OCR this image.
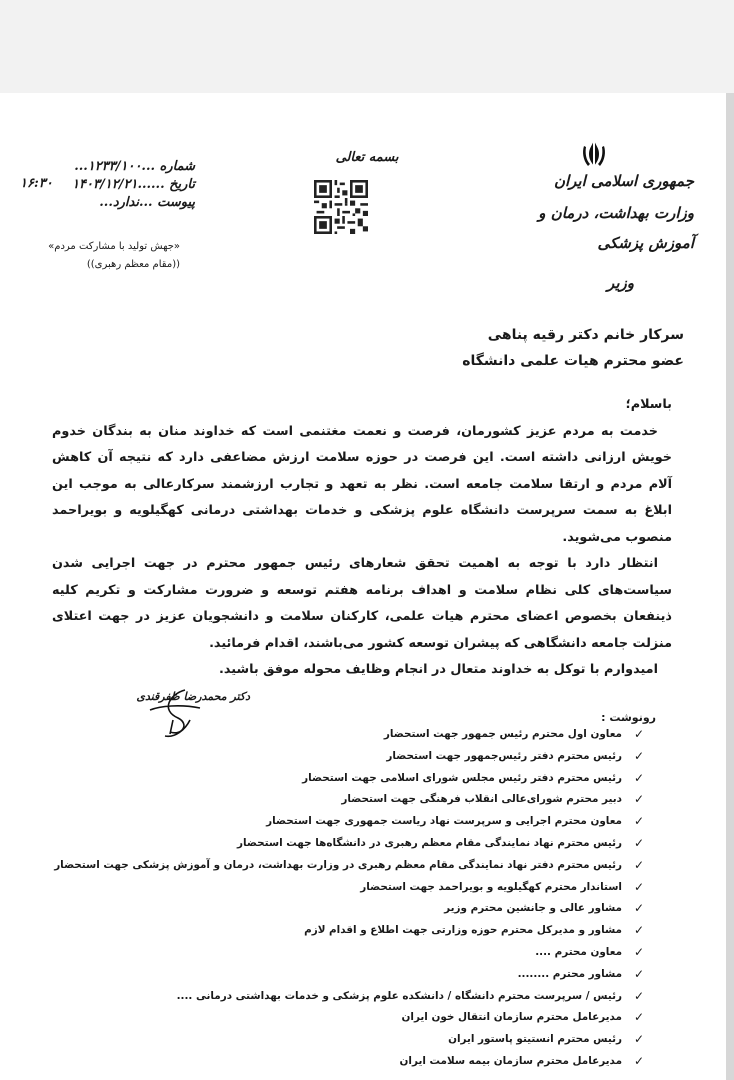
جمهوری اسلامی ایران
وزارت بهداشت، درمان و آموزش پزشکی
وزیر
بسمه تعالی
شماره ...۱۲۳۳/۱۰۰...
تاریخ ......۱۴۰۳/۱۲/۲۱
پیوست ...ندارد...
۱۶:۳۰
«جهش تولید با مشارکت مردم»
((مقام معظم رهبری))
سرکار خانم دکتر رقیه پناهی
عضو محترم هیات علمی دانشگاه

باسلام؛

خدمت به مردم عزیز کشورمان، فرصت و نعمت مغتنمی است که خداوند منان به بندگان خدوم خویش ارزانی داشته است. این فرصت در حوزه سلامت ارزش مضاعفی دارد که نتیجه آن کاهش آلام مردم و ارتقا سلامت جامعه است. نظر به تعهد و تجارب ارزشمند سرکارعالی به موجب این ابلاغ به سمت سرپرست دانشگاه علوم پزشکی و خدمات بهداشتی درمانی کهگیلویه و بویراحمد منصوب می‌شوید.

انتظار دارد با توجه به اهمیت تحقق شعارهای رئیس جمهور محترم در جهت اجرایی شدن سیاست‌های کلی نظام سلامت و اهداف برنامه هفتم توسعه و ضرورت مشارکت و تکریم کلیه ذینفعان بخصوص اعضای محترم هیات علمی، کارکنان سلامت و دانشجویان عزیز در جهت اعتلای منزلت جامعه دانشگاهی که پیشران توسعه کشور می‌باشند، اقدام فرمائید.

امیدوارم با توکل به خداوند متعال در انجام وظایف محوله موفق باشید.

دکتر محمدرضا ظفرقندی
رونوشت :
✓
معاون اول محترم رئیس جمهور جهت استحضار
✓
رئیس محترم دفتر رئیس‌جمهور جهت استحضار
✓
رئیس محترم دفتر رئیس مجلس شورای اسلامی جهت استحضار
✓
دبیر محترم شورای‌عالی انقلاب فرهنگی جهت استحضار
✓
معاون محترم اجرایی و سرپرست نهاد ریاست جمهوری جهت استحضار
✓
رئیس محترم نهاد نمایندگی مقام معظم رهبری در دانشگاه‌ها جهت استحضار
✓
رئیس محترم دفتر نهاد نمایندگی مقام معظم رهبری در وزارت بهداشت، درمان و آموزش پزشکی جهت استحضار
✓
استاندار محترم کهگیلویه و بویراحمد جهت استحضار
✓
مشاور عالی و جانشین محترم وزیر
✓
مشاور و مدیرکل محترم حوزه وزارتی جهت اطلاع و اقدام لازم
✓
معاون محترم ....
✓
مشاور محترم ........
✓
رئیس / سرپرست محترم دانشگاه / دانشکده علوم پزشکی و خدمات بهداشتی درمانی ....
✓
مدیرعامل محترم سازمان انتقال خون ایران
✓
رئیس محترم انستیتو پاستور ایران
✓
مدیرعامل محترم سازمان بیمه سلامت ایران
